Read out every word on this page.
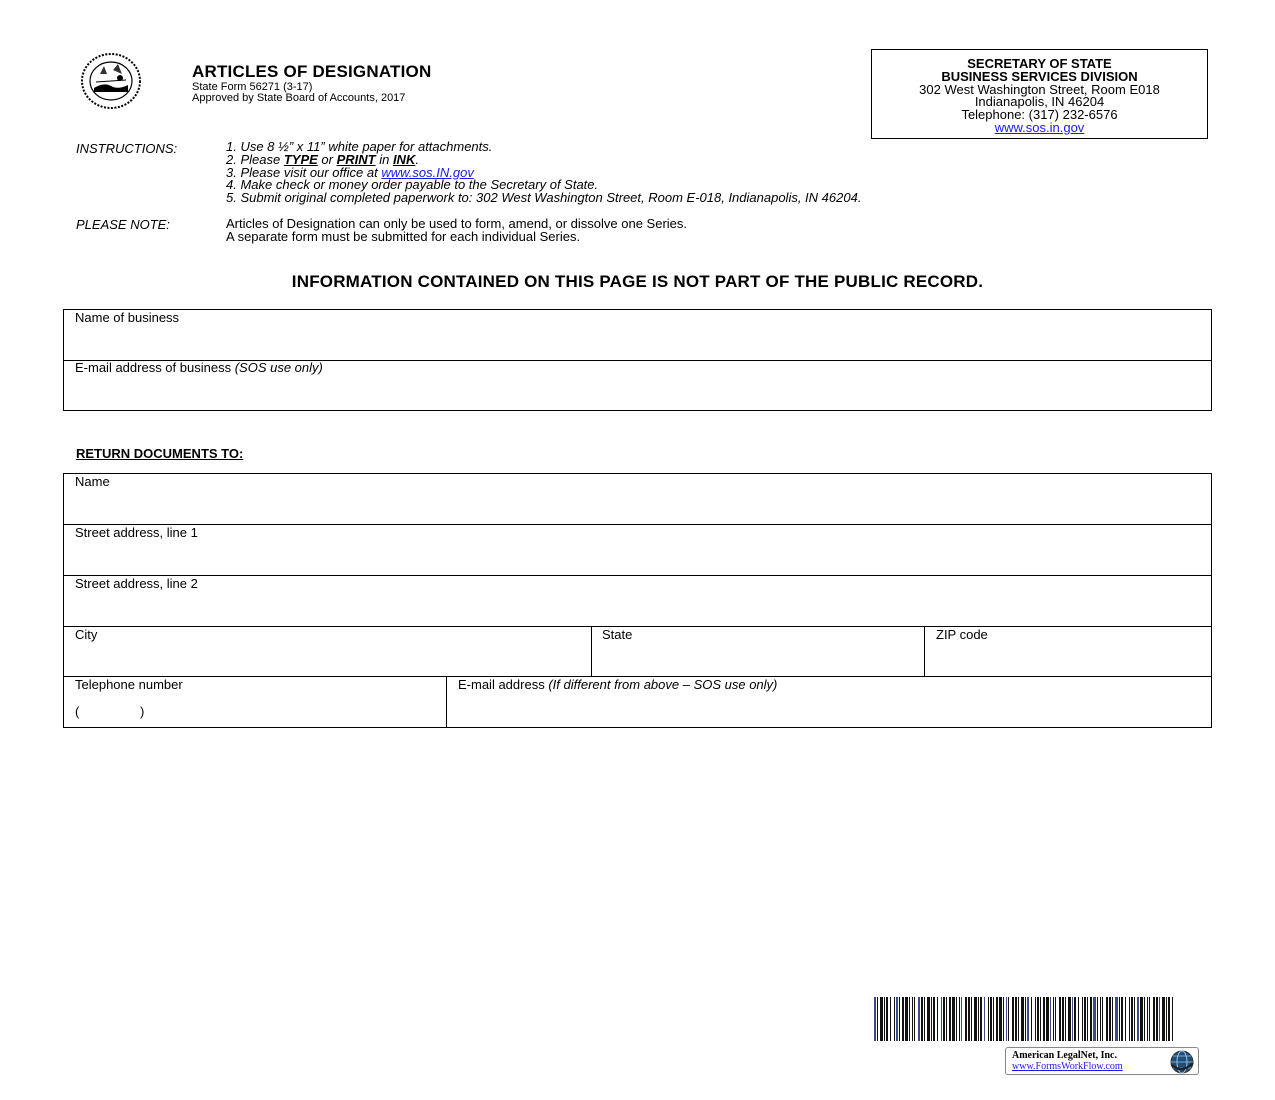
ARTICLES OF DESIGNATION
State Form 56271 (3-17)
Approved by State Board of Accounts, 2017
SECRETARY OF STATE
BUSINESS SERVICES DIVISION
302 West Washington Street, Room E018
Indianapolis, IN 46204
Telephone: (317) 232-6576
www.sos.in.gov
INSTRUCTIONS:	1. Use 8 ½” x 11” white paper for attachments.
2. Please TYPE or PRINT in INK.
3. Please visit our office at www.sos.IN.gov
4. Make check or money order payable to the Secretary of State.
5. Submit original completed paperwork to: 302 West Washington Street, Room E-018, Indianapolis, IN 46204.
PLEASE NOTE:	Articles of Designation can only be used to form, amend, or dissolve one Series.
A separate form must be submitted for each individual Series.
INFORMATION CONTAINED ON THIS PAGE IS NOT PART OF THE PUBLIC RECORD.
Name of business
E-mail address of business (SOS use only)
RETURN DOCUMENTS TO:
Name
Street address, line 1
Street address, line 2
City	State	ZIP code
Telephone number
(	)
E-mail address (If different from above – SOS use only)
American LegalNet, Inc.
www.FormsWorkFlow.com
